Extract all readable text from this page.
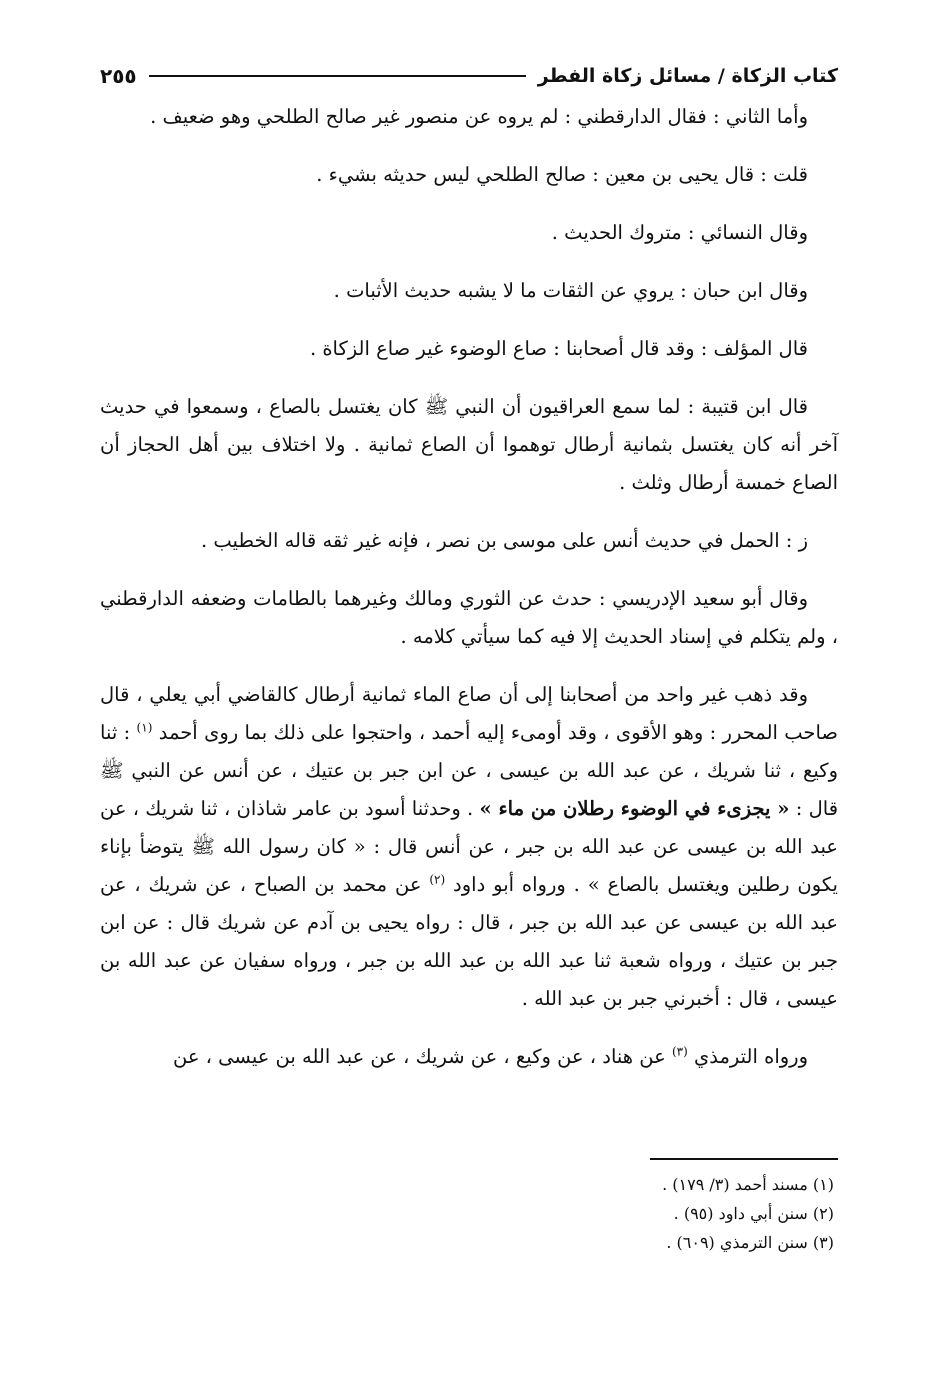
كتاب الزكاة / مسائل زكاة الفطر
٢٥٥

وأما الثاني : فقال الدارقطني : لم يروه عن منصور غير صالح الطلحي وهو ضعيف .

قلت : قال يحيى بن معين : صالح الطلحي ليس حديثه بشيء .

وقال النسائي : متروك الحديث .

وقال ابن حبان : يروي عن الثقات ما لا يشبه حديث الأثبات .

قال المؤلف : وقد قال أصحابنا : صاع الوضوء غير صاع الزكاة .

قال ابن قتيبة : لما سمع العراقيون أن النبي ﷺ كان يغتسل بالصاع ، وسمعوا في حديث آخر أنه كان يغتسل بثمانية أرطال توهموا أن الصاع ثمانية . ولا اختلاف بين أهل الحجاز أن الصاع خمسة أرطال وثلث .

ز : الحمل في حديث أنس على موسى بن نصر ، فإنه غير ثقه قاله الخطيب .

وقال أبو سعيد الإدريسي : حدث عن الثوري ومالك وغيرهما بالطامات وضعفه الدارقطني ، ولم يتكلم في إسناد الحديث إلا فيه كما سيأتي كلامه .

وقد ذهب غير واحد من أصحابنا إلى أن صاع الماء ثمانية أرطال كالقاضي أبي يعلي ، قال صاحب المحرر : وهو الأقوى ، وقد أومىء إليه أحمد ، واحتجوا على ذلك بما روى أحمد $^{(١)}$ : ثنا وكيع ، ثنا شريك ، عن عبد الله بن عيسى ، عن ابن جبر بن عتيك ، عن أنس عن النبي ﷺ قال : « يجزىء في الوضوء رطلان من ماء » . وحدثنا أسود بن عامر شاذان ، ثنا شريك ، عن عبد الله بن عيسى عن عبد الله بن جبر ، عن أنس قال : « كان رسول الله ﷺ يتوضأ بإناء يكون رطلين ويغتسل بالصاع » . ورواه أبو داود $^{(٢)}$ عن محمد بن الصباح ، عن شريك ، عن عبد الله بن عيسى عن عبد الله بن جبر ، قال : رواه يحيى بن آدم عن شريك قال : عن ابن جبر بن عتيك ، ورواه شعبة ثنا عبد الله بن عبد الله بن جبر ، ورواه سفيان عن عبد الله بن عيسى ، قال : أخبرني جبر بن عبد الله .

ورواه الترمذي $^{(٣)}$ عن هناد ، عن وكيع ، عن شريك ، عن عبد الله بن عيسى ، عن

(١) مسند أحمد (٣/ ١٧٩) .

(٢) سنن أبي داود (٩٥) .

(٣) سنن الترمذي (٦٠٩) .
